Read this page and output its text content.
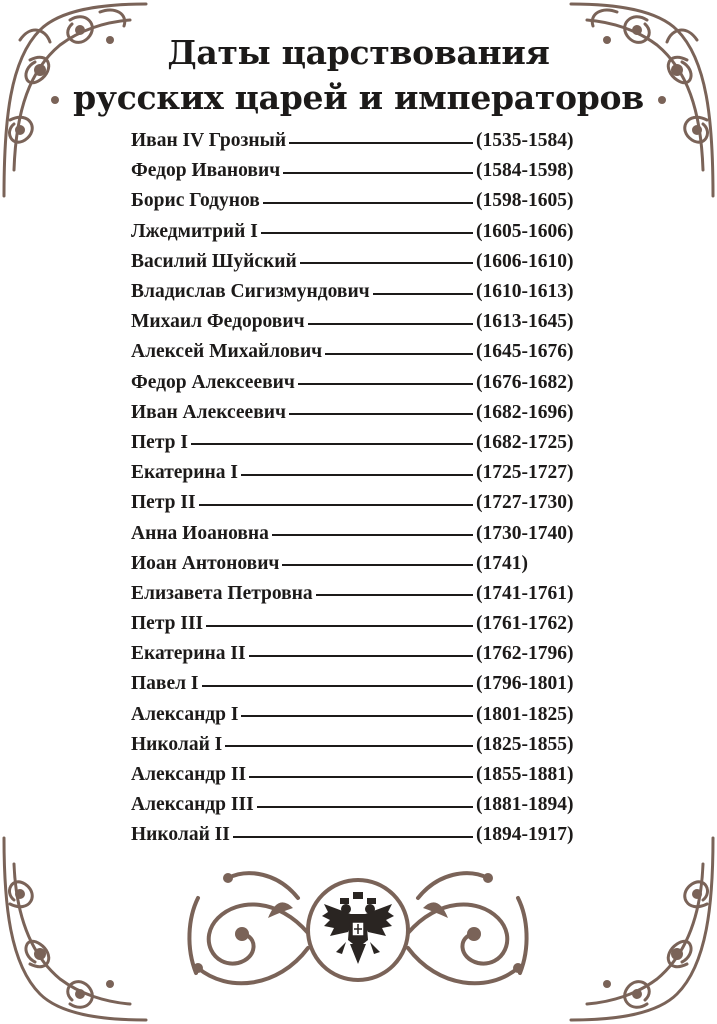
Даты царствования
русских царей и императоров
Иван IV Грозный	(1535-1584)
Федор Иванович	(1584-1598)
Борис Годунов	(1598-1605)
Лжедмитрий I	(1605-1606)
Василий Шуйский	(1606-1610)
Владислав Сигизмундович	(1610-1613)
Михаил Федорович	(1613-1645)
Алексей Михайлович	(1645-1676)
Федор Алексеевич	(1676-1682)
Иван Алексеевич	(1682-1696)
Петр I	(1682-1725)
Екатерина I	(1725-1727)
Петр II	(1727-1730)
Анна Иоановна	(1730-1740)
Иоан Антонович	(1741)
Елизавета Петровна	(1741-1761)
Петр III	(1761-1762)
Екатерина II	(1762-1796)
Павел I	(1796-1801)
Александр I	(1801-1825)
Николай I	(1825-1855)
Александр II	(1855-1881)
Александр III	(1881-1894)
Николай II	(1894-1917)
